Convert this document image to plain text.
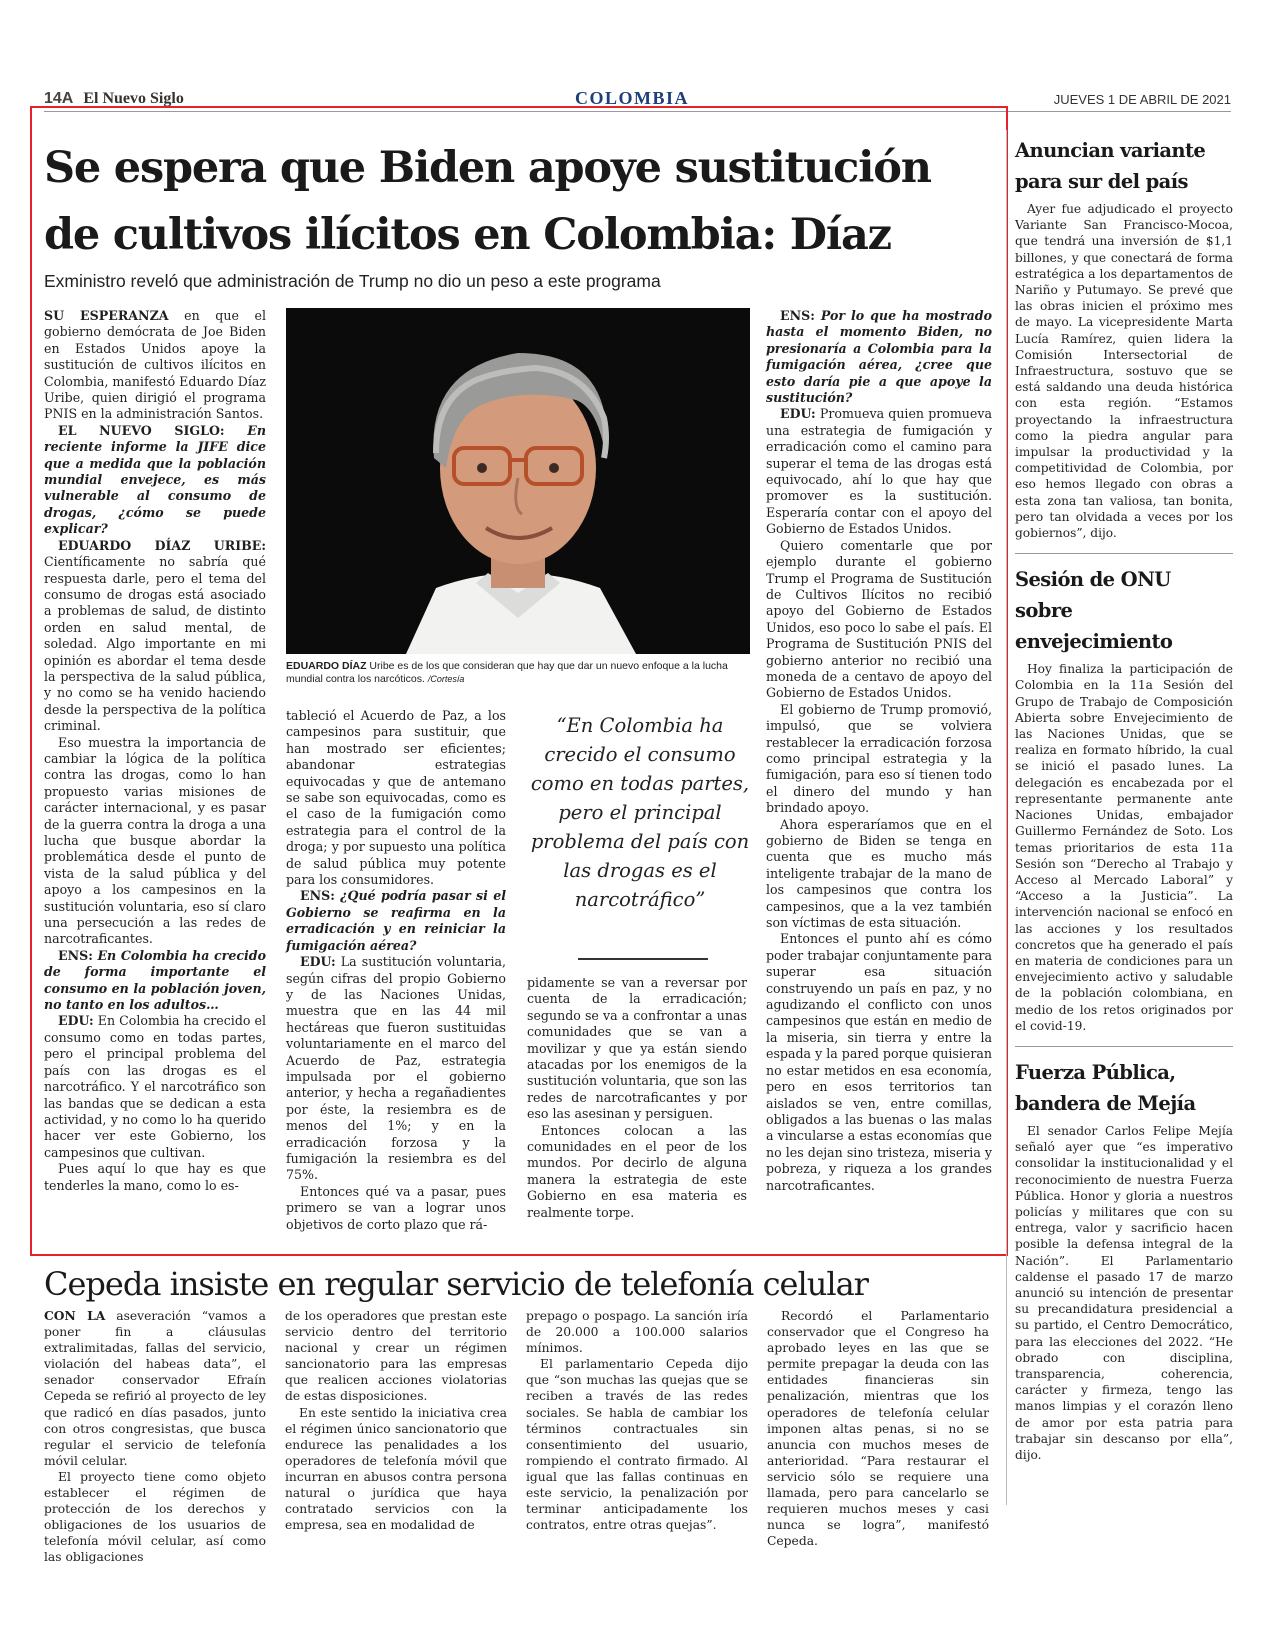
14A El Nuevo Siglo	COLOMBIA	JUEVES 1 DE ABRIL DE 2021
Se espera que Biden apoye sustitución de cultivos ilícitos en Colombia: Díaz
Exministro reveló que administración de Trump no dio un peso a este programa

SU ESPERANZA en que el gobierno demócrata de Joe Biden en Estados Unidos apoye la sustitución de cultivos ilícitos en Colombia, manifestó Eduardo Díaz Uribe, quien dirigió el programa PNIS en la administración Santos.

EL NUEVO SIGLO: En reciente informe la JIFE dice que a medida que la población mundial envejece, es más vulnerable al consumo de drogas, ¿cómo se puede explicar?

EDUARDO DÍAZ URIBE: Científicamente no sabría qué respuesta darle, pero el tema del consumo de drogas está asociado a problemas de salud, de distinto orden en salud mental, de soledad. Algo importante en mi opinión es abordar el tema desde la perspectiva de la salud pública, y no como se ha venido haciendo desde la perspectiva de la política criminal.

Eso muestra la importancia de cambiar la lógica de la política contra las drogas, como lo han propuesto varias misiones de carácter internacional, y es pasar de la guerra contra la droga a una lucha que busque abordar la problemática desde el punto de vista de la salud pública y del apoyo a los campesinos en la sustitución voluntaria, eso sí claro una persecución a las redes de narcotraficantes.

ENS: En Colombia ha crecido de forma importante el consumo en la población joven, no tanto en los adultos…

EDU: En Colombia ha crecido el consumo como en todas partes, pero el principal problema del país con las drogas es el narcotráfico. Y el narcotráfico son las bandas que se dedican a esta actividad, y no como lo ha querido hacer ver este Gobierno, los campesinos que cultivan.

Pues aquí lo que hay es que tenderles la mano, como lo es-

EDUARDO DÍAZ Uribe es de los que consideran que hay que dar un nuevo enfoque a la lucha mundial contra los narcóticos. /Cortesía

tableció el Acuerdo de Paz, a los campesinos para sustituir, que han mostrado ser eficientes; abandonar estrategias equivocadas y que de antemano se sabe son equivocadas, como es el caso de la fumigación como estrategia para el control de la droga; y por supuesto una política de salud pública muy potente para los consumidores.

ENS: ¿Qué podría pasar si el Gobierno se reafirma en la erradicación y en reiniciar la fumigación aérea?

EDU: La sustitución voluntaria, según cifras del propio Gobierno y de las Naciones Unidas, muestra que en las 44 mil hectáreas que fueron sustituidas voluntariamente en el marco del Acuerdo de Paz, estrategia impulsada por el gobierno anterior, y hecha a regañadientes por éste, la resiembra es de menos del 1%; y en la erradicación forzosa y la fumigación la resiembra es del 75%.

Entonces qué va a pasar, pues primero se van a lograr unos objetivos de corto plazo que rá-

“En Colombia ha crecido el consumo como en todas partes, pero el principal problema del país con las drogas es el narcotráfico”

pidamente se van a reversar por cuenta de la erradicación; segundo se va a confrontar a unas comunidades que se van a movilizar y que ya están siendo atacadas por los enemigos de la sustitución voluntaria, que son las redes de narcotraficantes y por eso las asesinan y persiguen.

Entonces colocan a las comunidades en el peor de los mundos. Por decirlo de alguna manera la estrategia de este Gobierno en esa materia es realmente torpe.

ENS: Por lo que ha mostrado hasta el momento Biden, no presionaría a Colombia para la fumigación aérea, ¿cree que esto daría pie a que apoye la sustitución?

EDU: Promueva quien promueva una estrategia de fumigación y erradicación como el camino para superar el tema de las drogas está equivocado, ahí lo que hay que promover es la sustitución. Esperaría contar con el apoyo del Gobierno de Estados Unidos.

Quiero comentarle que por ejemplo durante el gobierno Trump el Programa de Sustitución de Cultivos Ilícitos no recibió apoyo del Gobierno de Estados Unidos, eso poco lo sabe el país. El Programa de Sustitución PNIS del gobierno anterior no recibió una moneda de a centavo de apoyo del Gobierno de Estados Unidos.

El gobierno de Trump promovió, impulsó, que se volviera restablecer la erradicación forzosa como principal estrategia y la fumigación, para eso sí tienen todo el dinero del mundo y han brindado apoyo.

Ahora esperaríamos que en el gobierno de Biden se tenga en cuenta que es mucho más inteligente trabajar de la mano de los campesinos que contra los campesinos, que a la vez también son víctimas de esta situación.

Entonces el punto ahí es cómo poder trabajar conjuntamente para superar esa situación construyendo un país en paz, y no agudizando el conflicto con unos campesinos que están en medio de la miseria, sin tierra y entre la espada y la pared porque quisieran no estar metidos en esa economía, pero en esos territorios tan aislados se ven, entre comillas, obligados a las buenas o las malas a vincularse a estas economías que no les dejan sino tristeza, miseria y pobreza, y riqueza a los grandes narcotraficantes.

Anuncian variante para sur del país
Ayer fue adjudicado el proyecto Variante San Francisco-Mocoa, que tendrá una inversión de $1,1 billones, y que conectará de forma estratégica a los departamentos de Nariño y Putumayo. Se prevé que las obras inicien el próximo mes de mayo. La vicepresidente Marta Lucía Ramírez, quien lidera la Comisión Intersectorial de Infraestructura, sostuvo que se está saldando una deuda histórica con esta región. “Estamos proyectando la infraestructura como la piedra angular para impulsar la productividad y la competitividad de Colombia, por eso hemos llegado con obras a esta zona tan valiosa, tan bonita, pero tan olvidada a veces por los gobiernos”, dijo.
Sesión de ONU sobre envejecimiento
Hoy finaliza la participación de Colombia en la 11a Sesión del Grupo de Trabajo de Composición Abierta sobre Envejecimiento de las Naciones Unidas, que se realiza en formato híbrido, la cual se inició el pasado lunes. La delegación es encabezada por el representante permanente ante Naciones Unidas, embajador Guillermo Fernández de Soto. Los temas prioritarios de esta 11a Sesión son “Derecho al Trabajo y Acceso al Mercado Laboral” y “Acceso a la Justicia”. La intervención nacional se enfocó en las acciones y los resultados concretos que ha generado el país en materia de condiciones para un envejecimiento activo y saludable de la población colombiana, en medio de los retos originados por el covid-19.
Fuerza Pública, bandera de Mejía
El senador Carlos Felipe Mejía señaló ayer que “es imperativo consolidar la institucionalidad y el reconocimiento de nuestra Fuerza Pública. Honor y gloria a nuestros policías y militares que con su entrega, valor y sacrificio hacen posible la defensa integral de la Nación”. El Parlamentario caldense el pasado 17 de marzo anunció su intención de presentar su precandidatura presidencial a su partido, el Centro Democrático, para las elecciones del 2022. “He obrado con disciplina, transparencia, coherencia, carácter y firmeza, tengo las manos limpias y el corazón lleno de amor por esta patria para trabajar sin descanso por ella”, dijo.
Cepeda insiste en regular servicio de telefonía celular

CON LA aseveración “vamos a poner fin a cláusulas extralimitadas, fallas del servicio, violación del habeas data”, el senador conservador Efraín Cepeda se refirió al proyecto de ley que radicó en días pasados, junto con otros congresistas, que busca regular el servicio de telefonía móvil celular.

El proyecto tiene como objeto establecer el régimen de protección de los derechos y obligaciones de los usuarios de telefonía móvil celular, así como las obligaciones

de los operadores que prestan este servicio dentro del territorio nacional y crear un régimen sancionatorio para las empresas que realicen acciones violatorias de estas disposiciones.

En este sentido la iniciativa crea el régimen único sancionatorio que endurece las penalidades a los operadores de telefonía móvil que incurran en abusos contra persona natural o jurídica que haya contratado servicios con la empresa, sea en modalidad de

prepago o pospago. La sanción iría de 20.000 a 100.000 salarios mínimos.

El parlamentario Cepeda dijo que “son muchas las quejas que se reciben a través de las redes sociales. Se habla de cambiar los términos contractuales sin consentimiento del usuario, rompiendo el contrato firmado. Al igual que las fallas continuas en este servicio, la penalización por terminar anticipadamente los contratos, entre otras quejas”.

Recordó el Parlamentario conservador que el Congreso ha aprobado leyes en las que se permite prepagar la deuda con las entidades financieras sin penalización, mientras que los operadores de telefonía celular imponen altas penas, si no se anuncia con muchos meses de anterioridad. “Para restaurar el servicio sólo se requiere una llamada, pero para cancelarlo se requieren muchos meses y casi nunca se logra”, manifestó Cepeda.
